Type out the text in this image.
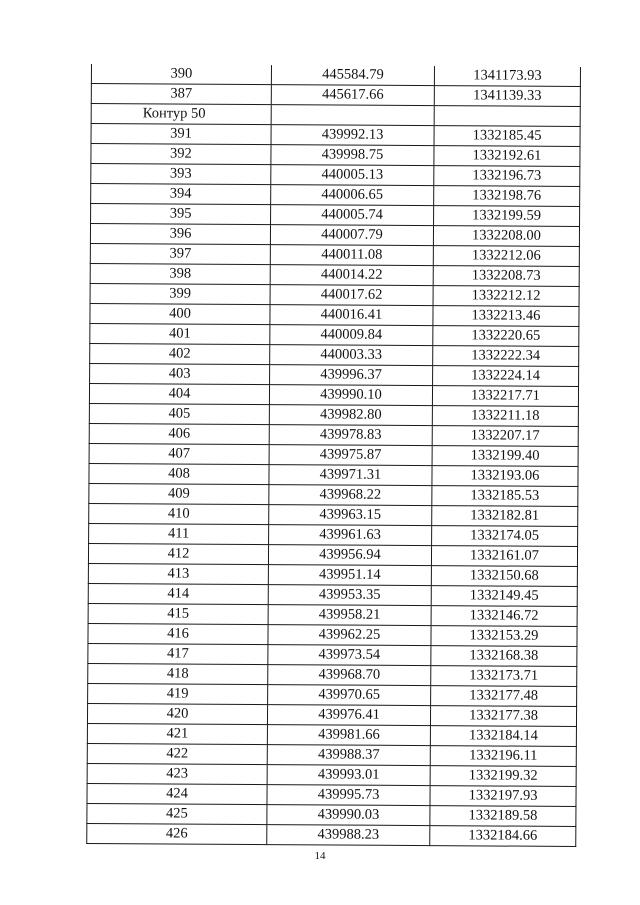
390	445584.79	1341173.93
387	445617.66	1341139.33
Контур 50		
391	439992.13	1332185.45
392	439998.75	1332192.61
393	440005.13	1332196.73
394	440006.65	1332198.76
395	440005.74	1332199.59
396	440007.79	1332208.00
397	440011.08	1332212.06
398	440014.22	1332208.73
399	440017.62	1332212.12
400	440016.41	1332213.46
401	440009.84	1332220.65
402	440003.33	1332222.34
403	439996.37	1332224.14
404	439990.10	1332217.71
405	439982.80	1332211.18
406	439978.83	1332207.17
407	439975.87	1332199.40
408	439971.31	1332193.06
409	439968.22	1332185.53
410	439963.15	1332182.81
411	439961.63	1332174.05
412	439956.94	1332161.07
413	439951.14	1332150.68
414	439953.35	1332149.45
415	439958.21	1332146.72
416	439962.25	1332153.29
417	439973.54	1332168.38
418	439968.70	1332173.71
419	439970.65	1332177.48
420	439976.41	1332177.38
421	439981.66	1332184.14
422	439988.37	1332196.11
423	439993.01	1332199.32
424	439995.73	1332197.93
425	439990.03	1332189.58
426	439988.23	1332184.66
14
